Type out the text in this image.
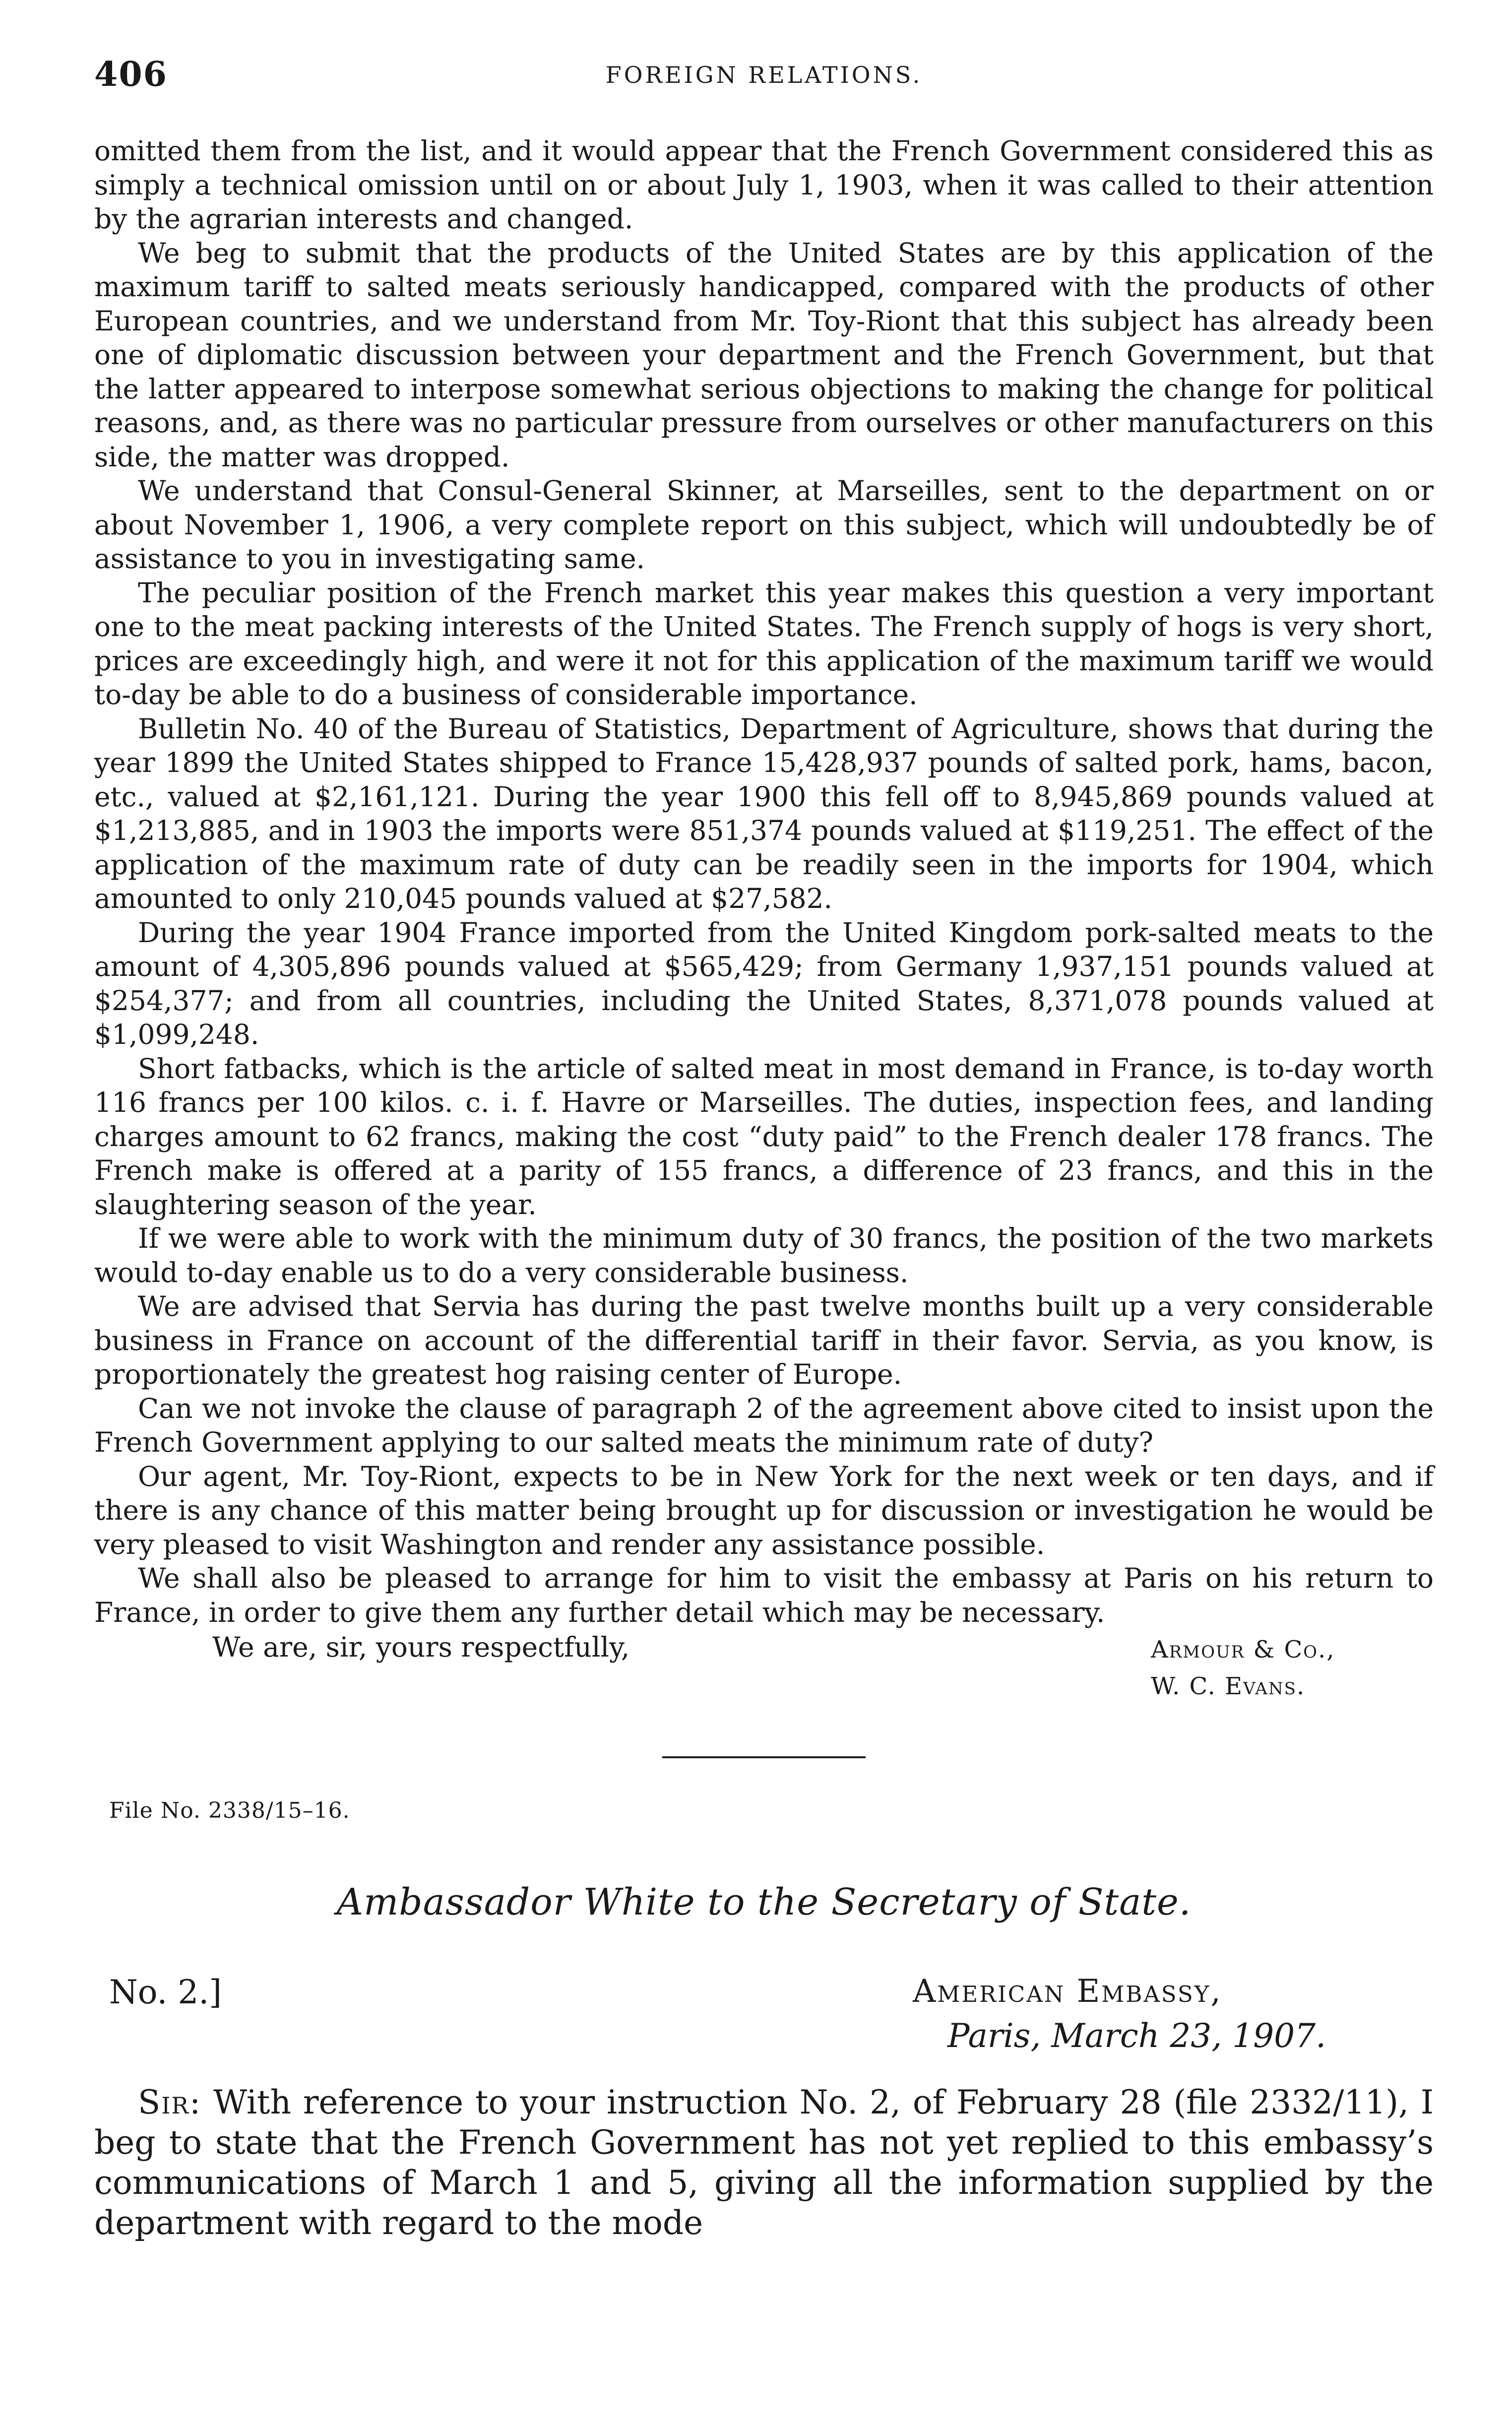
406	FOREIGN RELATIONS.

omitted them from the list, and it would appear that the French Government considered this as simply a technical omission until on or about July 1, 1903, when it was called to their attention by the agrarian interests and changed.

We beg to submit that the products of the United States are by this application of the maximum tariff to salted meats seriously handicapped, compared with the products of other European countries, and we understand from Mr. Toy-Riont that this subject has already been one of diplomatic discussion between your department and the French Government, but that the latter appeared to interpose somewhat serious objections to making the change for political reasons, and, as there was no particular pressure from ourselves or other manufacturers on this side, the matter was dropped.

We understand that Consul-General Skinner, at Marseilles, sent to the department on or about November 1, 1906, a very complete report on this subject, which will undoubtedly be of assistance to you in investigating same.

The peculiar position of the French market this year makes this question a very important one to the meat packing interests of the United States. The French supply of hogs is very short, prices are exceedingly high, and were it not for this application of the maximum tariff we would to-day be able to do a business of considerable importance.

Bulletin No. 40 of the Bureau of Statistics, Department of Agriculture, shows that during the year 1899 the United States shipped to France 15,428,937 pounds of salted pork, hams, bacon, etc., valued at $2,161,121. During the year 1900 this fell off to 8,945,869 pounds valued at $1,213,885, and in 1903 the imports were 851,374 pounds valued at $119,251. The effect of the application of the maximum rate of duty can be readily seen in the imports for 1904, which amounted to only 210,045 pounds valued at $27,582.

During the year 1904 France imported from the United Kingdom pork-salted meats to the amount of 4,305,896 pounds valued at $565,429; from Germany 1,937,151 pounds valued at $254,377; and from all countries, including the United States, 8,371,078 pounds valued at $1,099,248.

Short fatbacks, which is the article of salted meat in most demand in France, is to-day worth 116 francs per 100 kilos. c. i. f. Havre or Marseilles. The duties, inspection fees, and landing charges amount to 62 francs, making the cost “duty paid” to the French dealer 178 francs. The French make is offered at a parity of 155 francs, a difference of 23 francs, and this in the slaughtering season of the year.

If we were able to work with the minimum duty of 30 francs, the position of the two markets would to-day enable us to do a very considerable business.

We are advised that Servia has during the past twelve months built up a very considerable business in France on account of the differential tariff in their favor. Servia, as you know, is proportionately the greatest hog raising center of Europe.

Can we not invoke the clause of paragraph 2 of the agreement above cited to insist upon the French Government applying to our salted meats the minimum rate of duty?

Our agent, Mr. Toy-Riont, expects to be in New York for the next week or ten days, and if there is any chance of this matter being brought up for discussion or investigation he would be very pleased to visit Washington and render any assistance possible.

We shall also be pleased to arrange for him to visit the embassy at Paris on his return to France, in order to give them any further detail which may be necessary.

We are, sir, yours respectfully,	Armour & Co.,
W. C. Evans.
File No. 2338/15–16.
Ambassador White to the Secretary of State.
No. 2.]	American Embassy,
Paris, March 23, 1907.

Sir: With reference to your instruction No. 2, of February 28 (file 2332/11), I beg to state that the French Government has not yet replied to this embassy’s communications of March 1 and 5, giving all the information supplied by the department with regard to the mode
